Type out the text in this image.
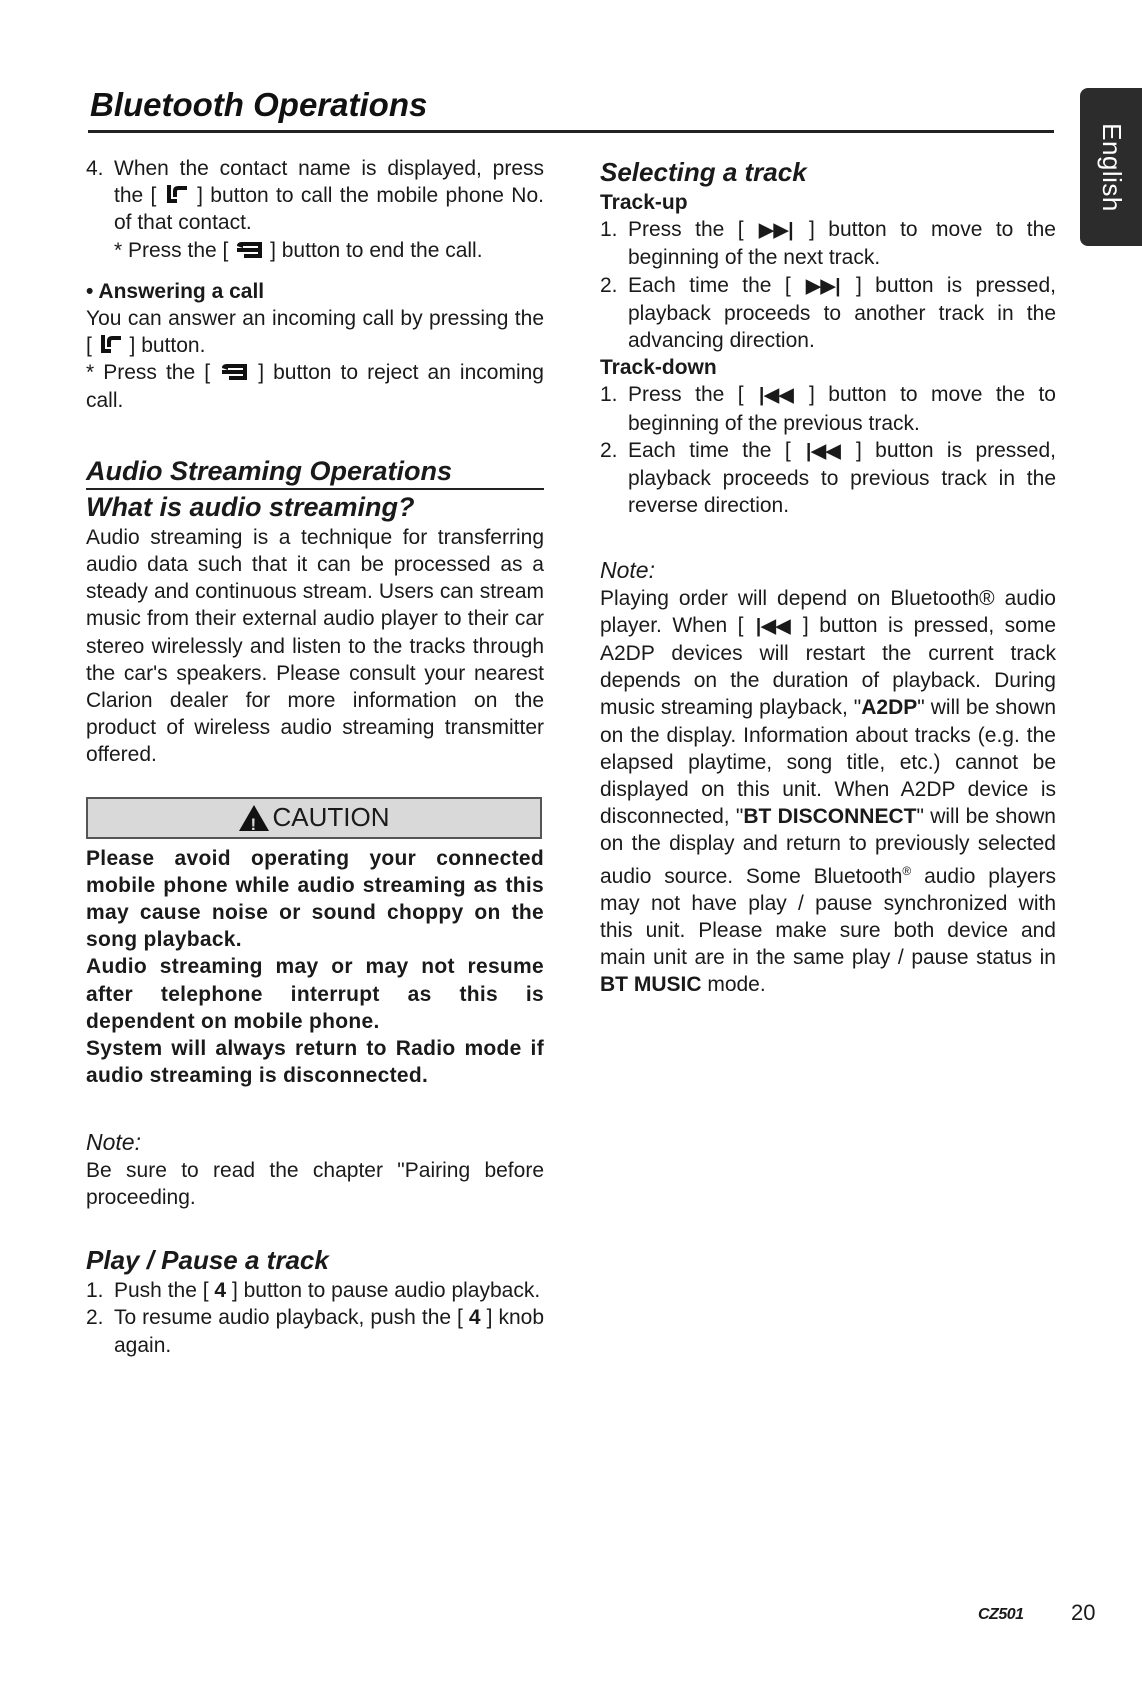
Bluetooth Operations
English
4. When the contact name is displayed, press the [ ] button to call the mobile phone No. of that contact.
* Press the [ ] button to end the call.

• Answering a call

You can answer an incoming call by pressing the [ ] button.

* Press the [ ] button to reject an incoming call.

Audio Streaming Operations

What is audio streaming?

Audio streaming is a technique for transferring audio data such that it can be processed as a steady and continuous stream. Users can stream music from their external audio player to their car stereo wirelessly and listen to the tracks through the car's speakers. Please consult your nearest Clarion dealer for more information on the product of wireless audio streaming transmitter offered.

! CAUTION

Please avoid operating your connected mobile phone while audio streaming as this may cause noise or sound choppy on the song playback.

Audio streaming may or may not resume after telephone interrupt as this is dependent on mobile phone.

System will always return to Radio mode if audio streaming is disconnected.

Note:

Be sure to read the chapter "Pairing before proceeding.

Play / Pause a track

1. Push the [ 4 ] button to pause audio playback.
2. To resume audio playback, push the [ 4 ] knob again.

Selecting a track

Track-up

1. Press the [ ▶▶| ] button to move to the beginning of the next track.
2. Each time the [ ▶▶| ] button is pressed, playback proceeds to another track in the advancing direction.

Track-down

1. Press the [ |◀◀ ] button to move the to beginning of the previous track.
2. Each time the [ |◀◀ ] button is pressed, playback proceeds to previous track in the reverse direction.

Note:

Playing order will depend on Bluetooth® audio player. When [ |◀◀ ] button is pressed, some A2DP devices will restart the current track depends on the duration of playback. During music streaming playback, "A2DP" will be shown on the display. Information about tracks (e.g. the elapsed playtime, song title, etc.) cannot be displayed on this unit. When A2DP device is disconnected, "BT DISCONNECT" will be shown on the display and return to previously selected audio source. Some Bluetooth® audio players may not have play / pause synchronized with this unit. Please make sure both device and main unit are in the same play / pause status in BT MUSIC mode.

CZ501 20
